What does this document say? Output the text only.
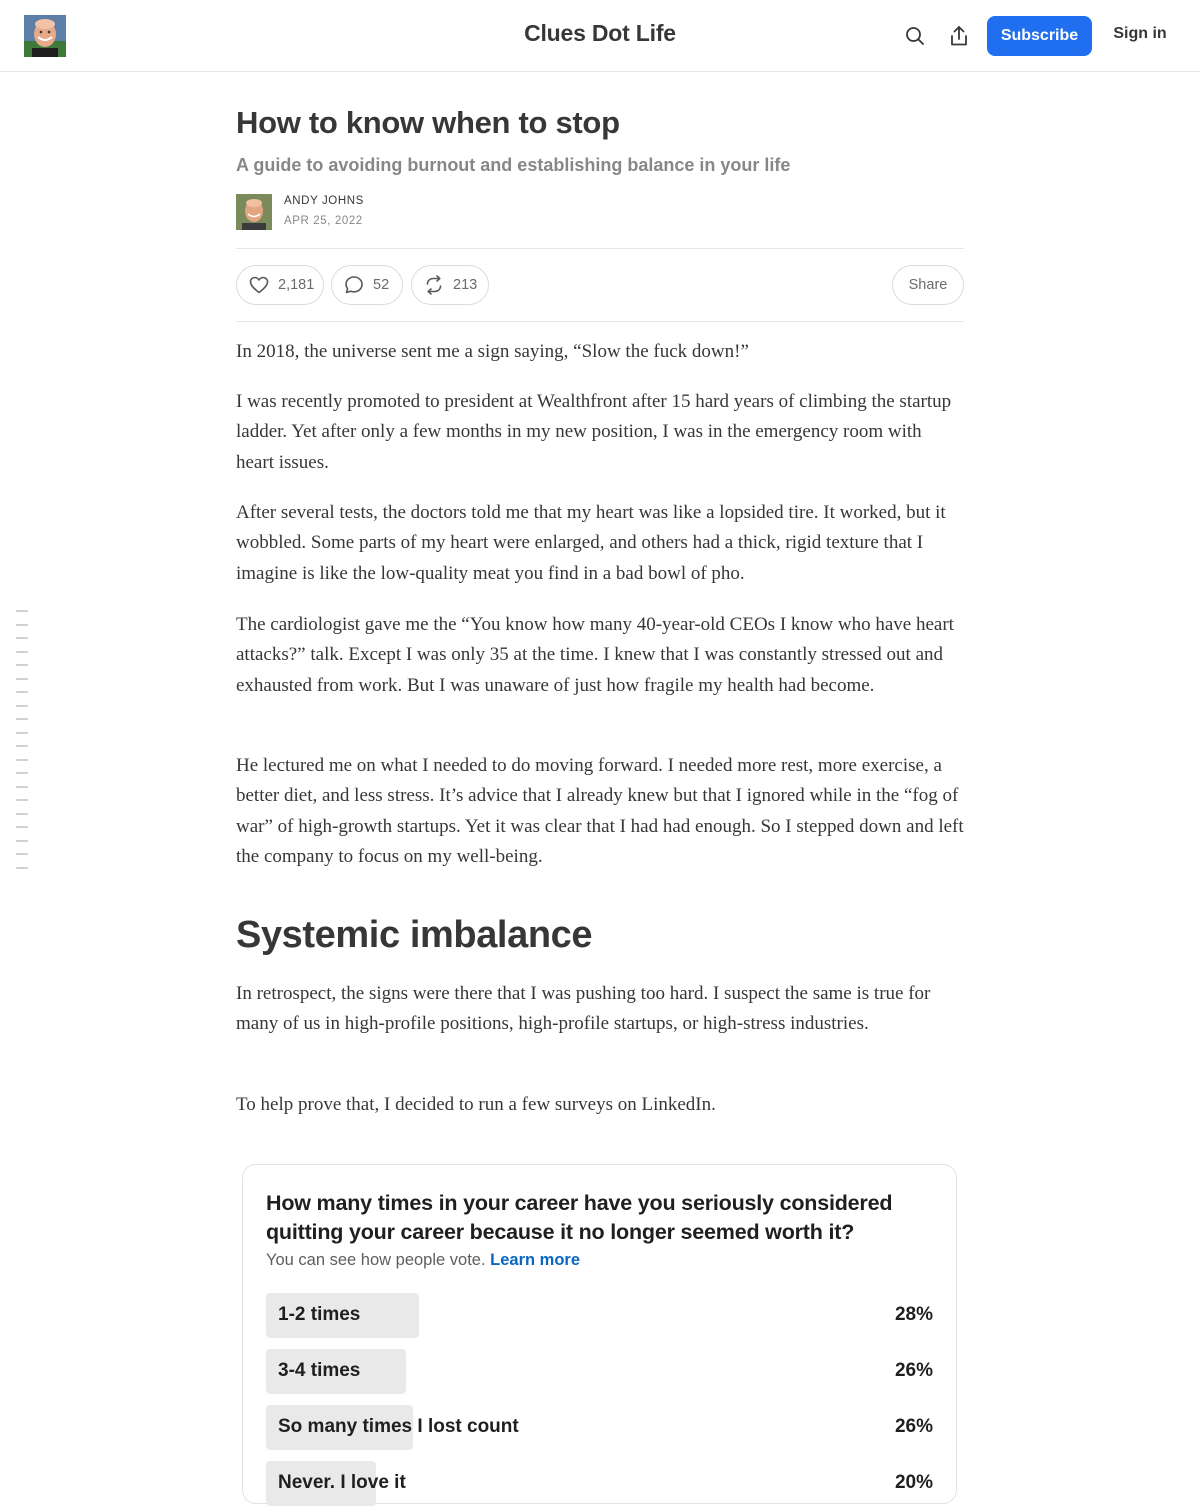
Clues Dot Life	Subscribe	Sign in
How to know when to stop
A guide to avoiding burnout and establishing balance in your life
ANDY JOHNS
APR 25, 2022
2,181	52	213	Share

In 2018, the universe sent me a sign saying, “Slow the fuck down!”

I was recently promoted to president at Wealthfront after 15 hard years of climbing the startup ladder. Yet after only a few months in my new position, I was in the emergency room with heart issues.

After several tests, the doctors told me that my heart was like a lopsided tire. It worked, but it wobbled. Some parts of my heart were enlarged, and others had a thick, rigid texture that I imagine is like the low-quality meat you find in a bad bowl of pho.

The cardiologist gave me the “You know how many 40-year-old CEOs I know who have heart attacks?” talk. Except I was only 35 at the time. I knew that I was constantly stressed out and exhausted from work. But I was unaware of just how fragile my health had become.

He lectured me on what I needed to do moving forward. I needed more rest, more exercise, a better diet, and less stress. It’s advice that I already knew but that I ignored while in the “fog of war” of high-growth startups. Yet it was clear that I had had enough. So I stepped down and left the company to focus on my well-being.

Systemic imbalance

In retrospect, the signs were there that I was pushing too hard. I suspect the same is true for many of us in high-profile positions, high-profile startups, or high-stress industries.

To help prove that, I decided to run a few surveys on LinkedIn.

How many times in your career have you seriously considered quitting your career because it no longer seemed worth it?
You can see how people vote. Learn more
1-2 times	28%
3-4 times	26%
So many times I lost count	26%
Never. I love it	20%
